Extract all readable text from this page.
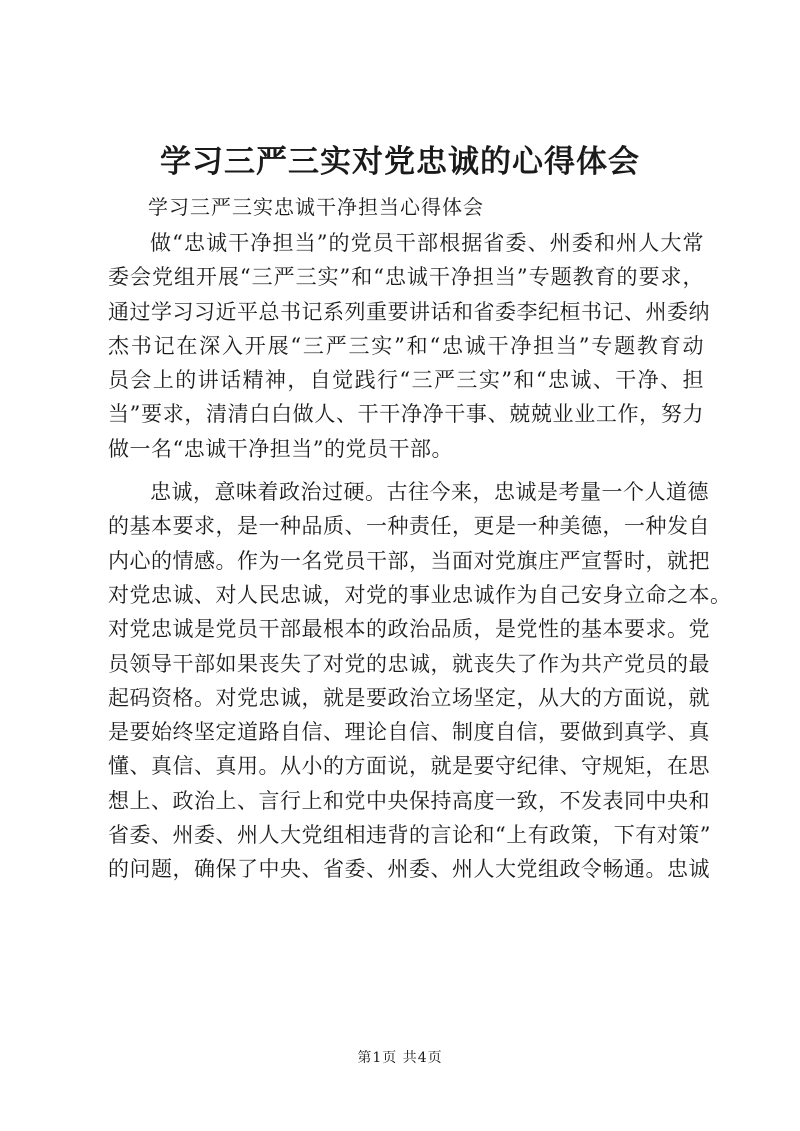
学习三严三实对党忠诚的心得体会
学习三严三实忠诚干净担当心得体会
做“忠诚干净担当”的党员干部根据省委、州委和州人大常
委会党组开展“三严三实”和“忠诚干净担当”专题教育的要求，
通过学习习近平总书记系列重要讲话和省委李纪桓书记、州委纳
杰书记在深入开展“三严三实”和“忠诚干净担当”专题教育动
员会上的讲话精神，自觉践行“三严三实”和“忠诚、干净、担
当”要求，清清白白做人、干干净净干事、兢兢业业工作，努力
做一名“忠诚干净担当”的党员干部。
忠诚，意味着政治过硬。古往今来，忠诚是考量一个人道德
的基本要求，是一种品质、一种责任，更是一种美德，一种发自
内心的情感。作为一名党员干部，当面对党旗庄严宣誓时，就把
对党忠诚、对人民忠诚，对党的事业忠诚作为自己安身立命之本。
对党忠诚是党员干部最根本的政治品质，是党性的基本要求。党
员领导干部如果丧失了对党的忠诚，就丧失了作为共产党员的最
起码资格。对党忠诚，就是要政治立场坚定，从大的方面说，就
是要始终坚定道路自信、理论自信、制度自信，要做到真学、真
懂、真信、真用。从小的方面说，就是要守纪律、守规矩，在思
想上、政治上、言行上和党中央保持高度一致，不发表同中央和
省委、州委、州人大党组相违背的言论和“上有政策，下有对策”
的问题，确保了中央、省委、州委、州人大党组政令畅通。忠诚
第1页 共4页
